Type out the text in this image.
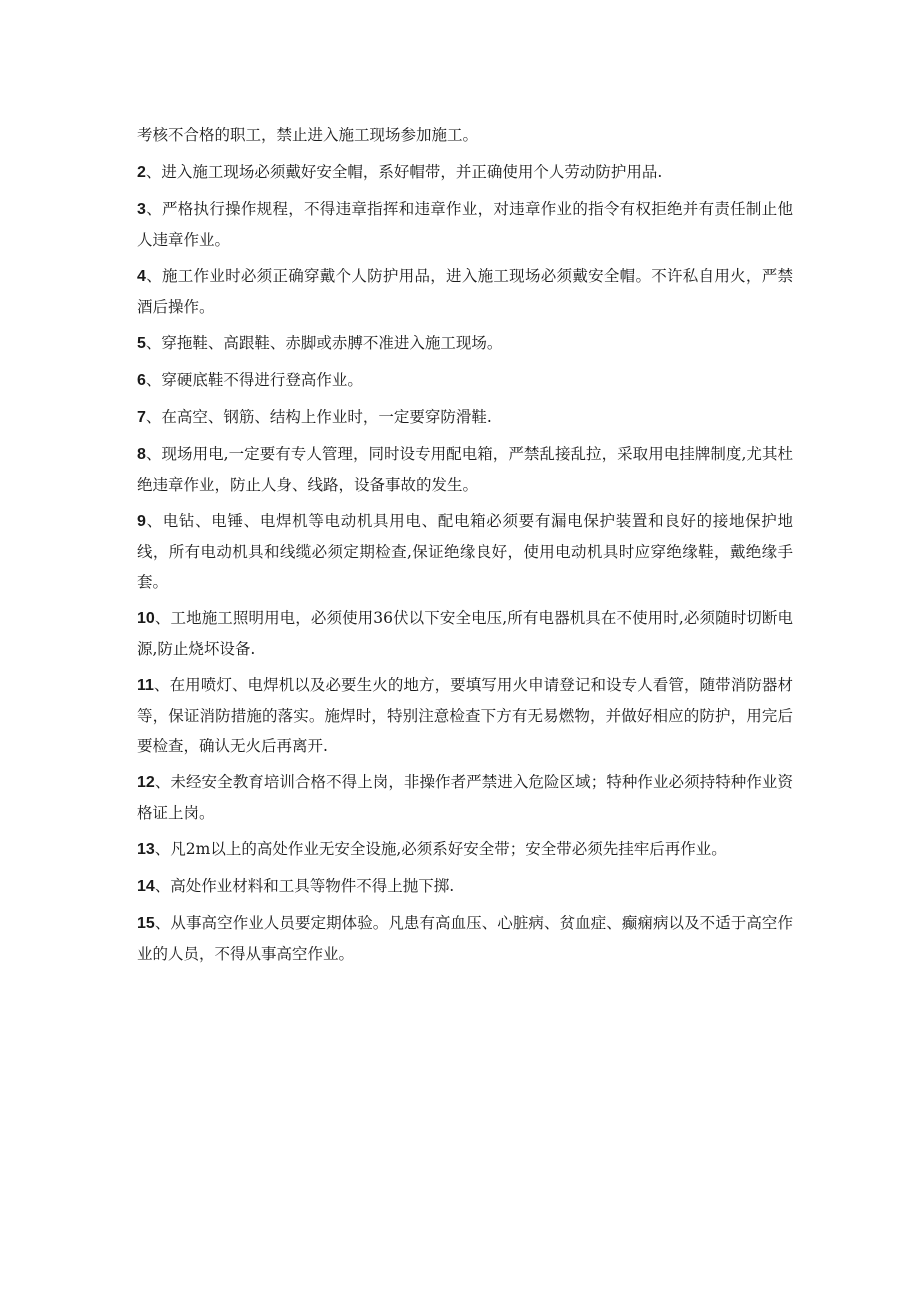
考核不合格的职工，禁止进入施工现场参加施工。

2、进入施工现场必须戴好安全帽，系好帽带，并正确使用个人劳动防护用品.

3、严格执行操作规程，不得违章指挥和违章作业，对违章作业的指令有权拒绝并有责任制止他人违章作业。

4、施工作业时必须正确穿戴个人防护用品，进入施工现场必须戴安全帽。不许私自用火，严禁酒后操作。

5、穿拖鞋、高跟鞋、赤脚或赤膊不准进入施工现场。

6、穿硬底鞋不得进行登高作业。

7、在高空、钢筋、结构上作业时，一定要穿防滑鞋.

8、现场用电,一定要有专人管理，同时设专用配电箱，严禁乱接乱拉，采取用电挂牌制度,尤其杜绝违章作业，防止人身、线路，设备事故的发生。

9、电钻、电锤、电焊机等电动机具用电、配电箱必须要有漏电保护装置和良好的接地保护地线，所有电动机具和线缆必须定期检查,保证绝缘良好，使用电动机具时应穿绝缘鞋，戴绝缘手套。

10、工地施工照明用电，必须使用36伏以下安全电压,所有电器机具在不使用时,必须随时切断电源,防止烧坏设备.

11、在用喷灯、电焊机以及必要生火的地方，要填写用火申请登记和设专人看管，随带消防器材等，保证消防措施的落实。施焊时，特别注意检查下方有无易燃物，并做好相应的防护，用完后要检查，确认无火后再离开.

12、未经安全教育培训合格不得上岗，非操作者严禁进入危险区域；特种作业必须持特种作业资格证上岗。

13、凡2m以上的高处作业无安全设施,必须系好安全带；安全带必须先挂牢后再作业。

14、高处作业材料和工具等物件不得上抛下掷.

15、从事高空作业人员要定期体验。凡患有高血压、心脏病、贫血症、癫痫病以及不适于高空作业的人员，不得从事高空作业。
